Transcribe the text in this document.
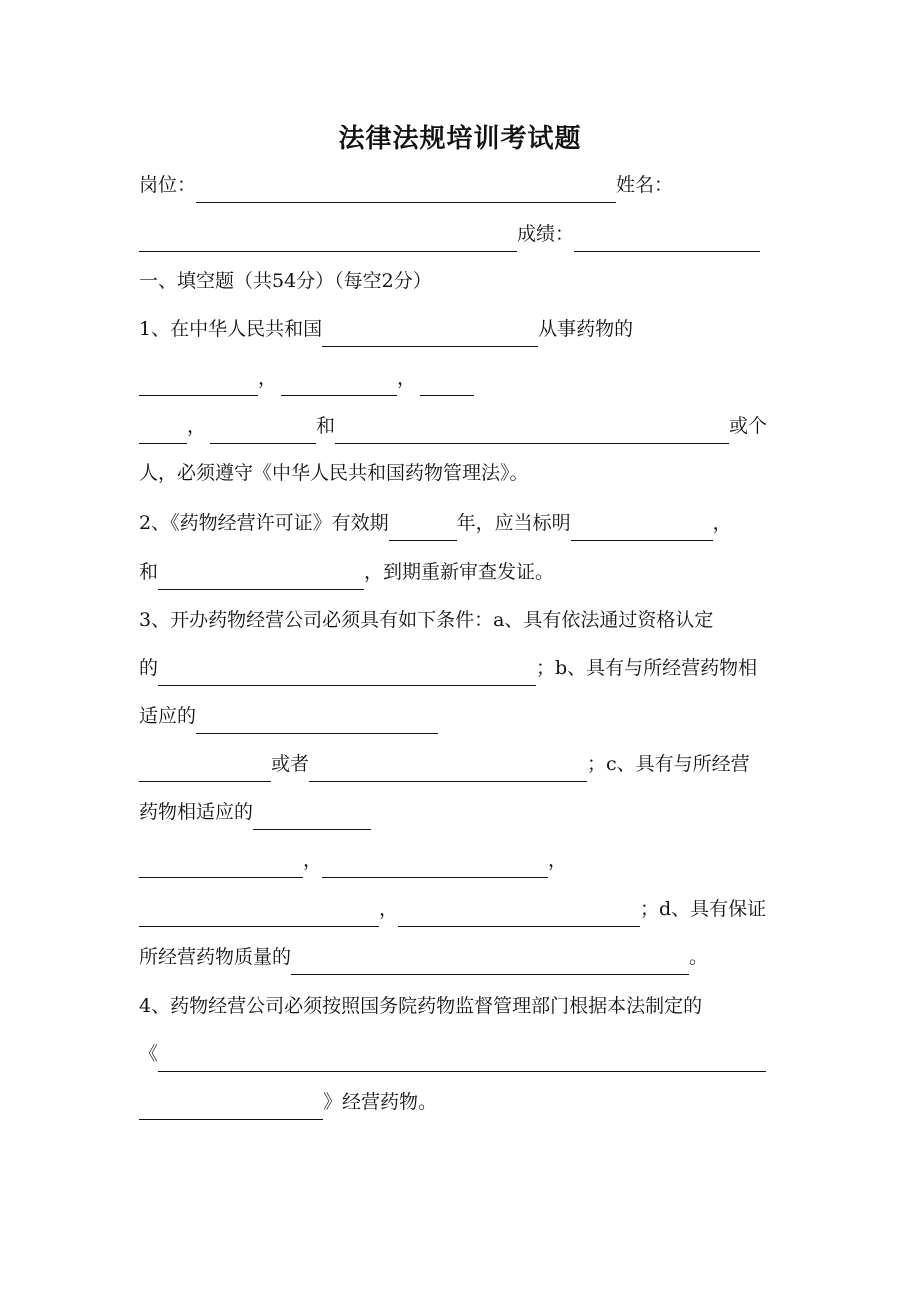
法律法规培训考试题
岗位：	姓名：
成绩：
一、填空题（共54分）（每空2分）
1、在中华人民共和国	从事药物的
，	，
，	和	或个
人，必须遵守《中华人民共和国药物管理法》。
2、《药物经营许可证》有效期	年，应当标明	，
和	，到期重新审查发证。
3、开办药物经营公司必须具有如下条件：a、具有依法通过资格认定
的	；b、具有与所经营药物相
适应的
或者	；c、具有与所经营
药物相适应的
，	，
，	；d、具有保证
所经营药物质量的	。
4、药物经营公司必须按照国务院药物监督管理部门根据本法制定的
《
》经营药物。
